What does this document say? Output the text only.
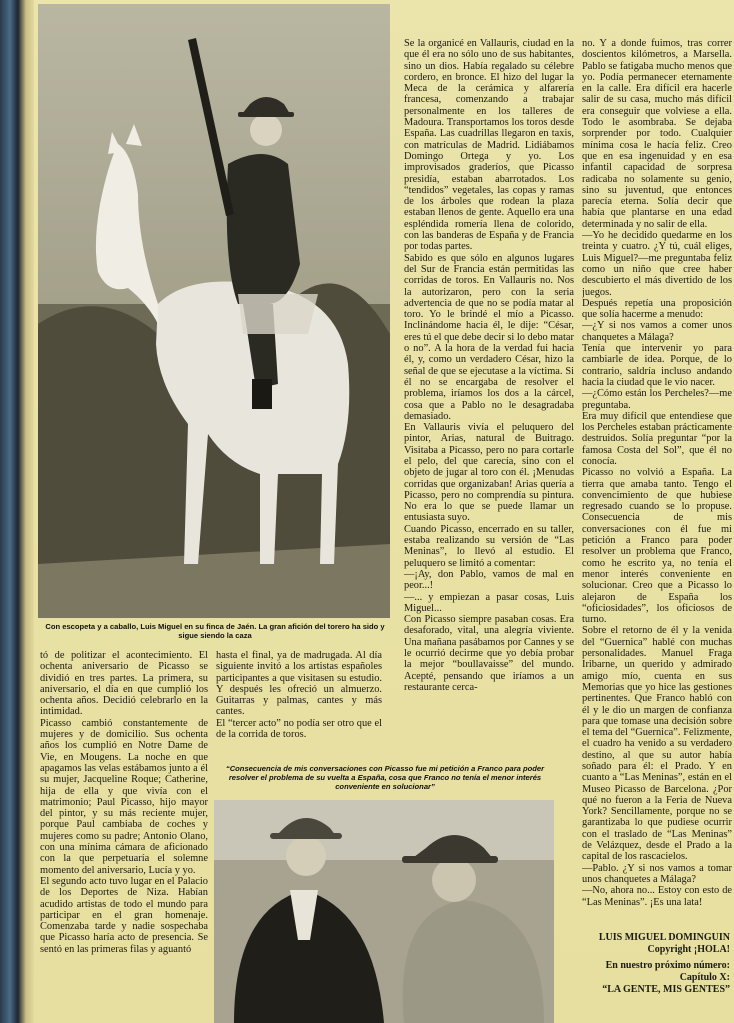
Con escopeta y a caballo, Luis Miguel en su finca de Jaén. La gran afición del torero ha sido y sigue siendo la caza
“Consecuencia de mis conversaciones con Picasso fue mi petición a Franco para poder resolver el problema de su vuelta a España, cosa que Franco no tenía el menor interés conveniente en solucionar”
Se la organicé en Vallauris, ciudad en la que él era no sólo uno de sus habitantes, sino un dios. Había regalado su célebre cordero, en bronce. El hizo del lugar la Meca de la cerámica y alfarería francesa, comenzando a trabajar personalmente en los talleres de Madoura. Transportamos los toros desde España. Las cuadrillas llegaron en taxis, con matrículas de Madrid. Lidiábamos Domingo Ortega y yo. Los improvisados graderíos, que Picasso presidía, estaban abarrotados. Los “tendidos” vegetales, las copas y ramas de los árboles que rodean la plaza estaban llenos de gente. Aquello era una espléndida romería llena de colorido, con las banderas de España y de Francia por todas partes.
Sabido es que sólo en algunos lugares del Sur de Francia están permitidas las corridas de toros. En Vallauris no. Nos la autorizaron, pero con la seria advertencia de que no se podía matar al toro. Yo le brindé el mío a Picasso. Inclinándome hacia él, le dije: “César, eres tú el que debe decir si lo debo matar o no”. A la hora de la verdad fui hacia él, y, como un verdadero César, hizo la señal de que se ejecutase a la víctima. Si él no se encargaba de resolver el problema, iríamos los dos a la cárcel, cosa que a Pablo no le desagradaba demasiado.
En Vallauris vivía el peluquero del pintor, Arias, natural de Buitrago. Visitaba a Picasso, pero no para cortarle el pelo, del que carecía, sino con el objeto de jugar al toro con él. ¡Menudas corridas que organizaban! Arias quería a Picasso, pero no comprendía su pintura. No era lo que se puede llamar un entusiasta suyo.
Cuando Picasso, encerrado en su taller, estaba realizando su versión de “Las Meninas”, lo llevó al estudio. El peluquero se limitó a comentar:
—¡Ay, don Pablo, vamos de mal en peor...!
—... y empiezan a pasar cosas, Luis Miguel...
Con Picasso siempre pasaban cosas. Era desaforado, vital, una alegría viviente. Una mañana pasábamos por Cannes y se le ocurrió decirme que yo debía probar la mejor “boullavaisse” del mundo. Acepté, pensando que iríamos a un restaurante cerca-
no. Y a donde fuimos, tras correr doscientos kilómetros, a Marsella. Pablo se fatigaba mucho menos que yo. Podía permanecer eternamente en la calle. Era difícil era hacerle salir de su casa, mucho más difícil era conseguir que volviese a ella. Todo le asombraba. Se dejaba sorprender por todo. Cualquier mínima cosa le hacía feliz. Creo que en esa ingenuidad y en esa infantil capacidad de sorpresa radicaba no solamente su genio, sino su juventud, que entonces parecía eterna. Solía decir que había que plantarse en una edad determinada y no salir de ella.
—Yo he decidido quedarme en los treinta y cuatro. ¿Y tú, cuál eliges, Luis Miguel?—me preguntaba feliz como un niño que cree haber descubierto el más divertido de los juegos.
Después repetía una proposición que solía hacerme a menudo:
—¿Y si nos vamos a comer unos chanquetes a Málaga?
Tenía que intervenir yo para cambiarle de idea. Porque, de lo contrario, saldría incluso andando hacia la ciudad que le vio nacer.
—¿Cómo están los Percheles?—me preguntaba.
Era muy difícil que entendiese que los Percheles estaban prácticamente destruidos. Solía preguntar “por la famosa Costa del Sol”, que él no conocía.
Picasso no volvió a España. La tierra que amaba tanto. Tengo el convencimiento de que hubiese regresado cuando se lo propuse. Consecuencia de mis conversaciones con él fue mi petición a Franco para poder resolver un problema que Franco, como he escrito ya, no tenía el menor interés conveniente en solucionar. Creo que a Picasso lo alejaron de España los “oficiosidades”, los oficiosos de turno.
Sobre el retorno de él y la venida del “Guernica” hablé con muchas personalidades. Manuel Fraga Iribarne, un querido y admirado amigo mío, cuenta en sus Memorias que yo hice las gestiones pertinentes. Que Franco habló con él y le dio un margen de confianza para que tomase una decisión sobre el tema del “Guernica”. Felizmente, el cuadro ha venido a su verdadero destino, al que su autor había soñado para él: el Prado. Y en cuanto a “Las Meninas”, están en el Museo Picasso de Barcelona. ¿Por qué no fueron a la Feria de Nueva York? Sencillamente, porque no se garantizaba lo que pudiese ocurrir con el traslado de “Las Meninas” de Velázquez, desde el Prado a la capital de los rascacielos.
—Pablo. ¿Y si nos vamos a tomar unos chanquetes a Málaga?
—No, ahora no... Estoy con esto de “Las Meninas”. ¡Es una lata!
tó de politizar el acontecimiento. El ochenta aniversario de Picasso se dividió en tres partes. La primera, su aniversario, el día en que cumplió los ochenta años. Decidió celebrarlo en la intimidad.
Picasso cambió constantemente de mujeres y de domicilio. Sus ochenta años los cumplió en Notre Dame de Vie, en Mougens. La noche en que apagamos las velas estábamos junto a él su mujer, Jacqueline Roque; Catherine, hija de ella y que vivía con el matrimonio; Paul Picasso, hijo mayor del pintor, y su más reciente mujer, porque Paul cambiaba de coches y mujeres como su padre; Antonio Olano, con una mínima cámara de aficionado con la que perpetuaría el solemne momento del aniversario, Lucía y yo.
El segundo acto tuvo lugar en el Palacio de los Deportes de Niza. Habían acudido artistas de todo el mundo para participar en el gran homenaje. Comenzaba tarde y nadie sospechaba que Picasso haría acto de presencia. Se sentó en las primeras filas y aguantó
hasta el final, ya de madrugada. Al día siguiente invitó a los artistas españoles participantes a que visitasen su estudio. Y después les ofreció un almuerzo. Guitarras y palmas, cantes y más cantes.
El “tercer acto” no podía ser otro que el de la corrida de toros.
LUIS MIGUEL DOMINGUIN
Copyright ¡HOLA!
En nuestro próximo número:
Capítulo X:
“LA GENTE, MIS GENTES”
